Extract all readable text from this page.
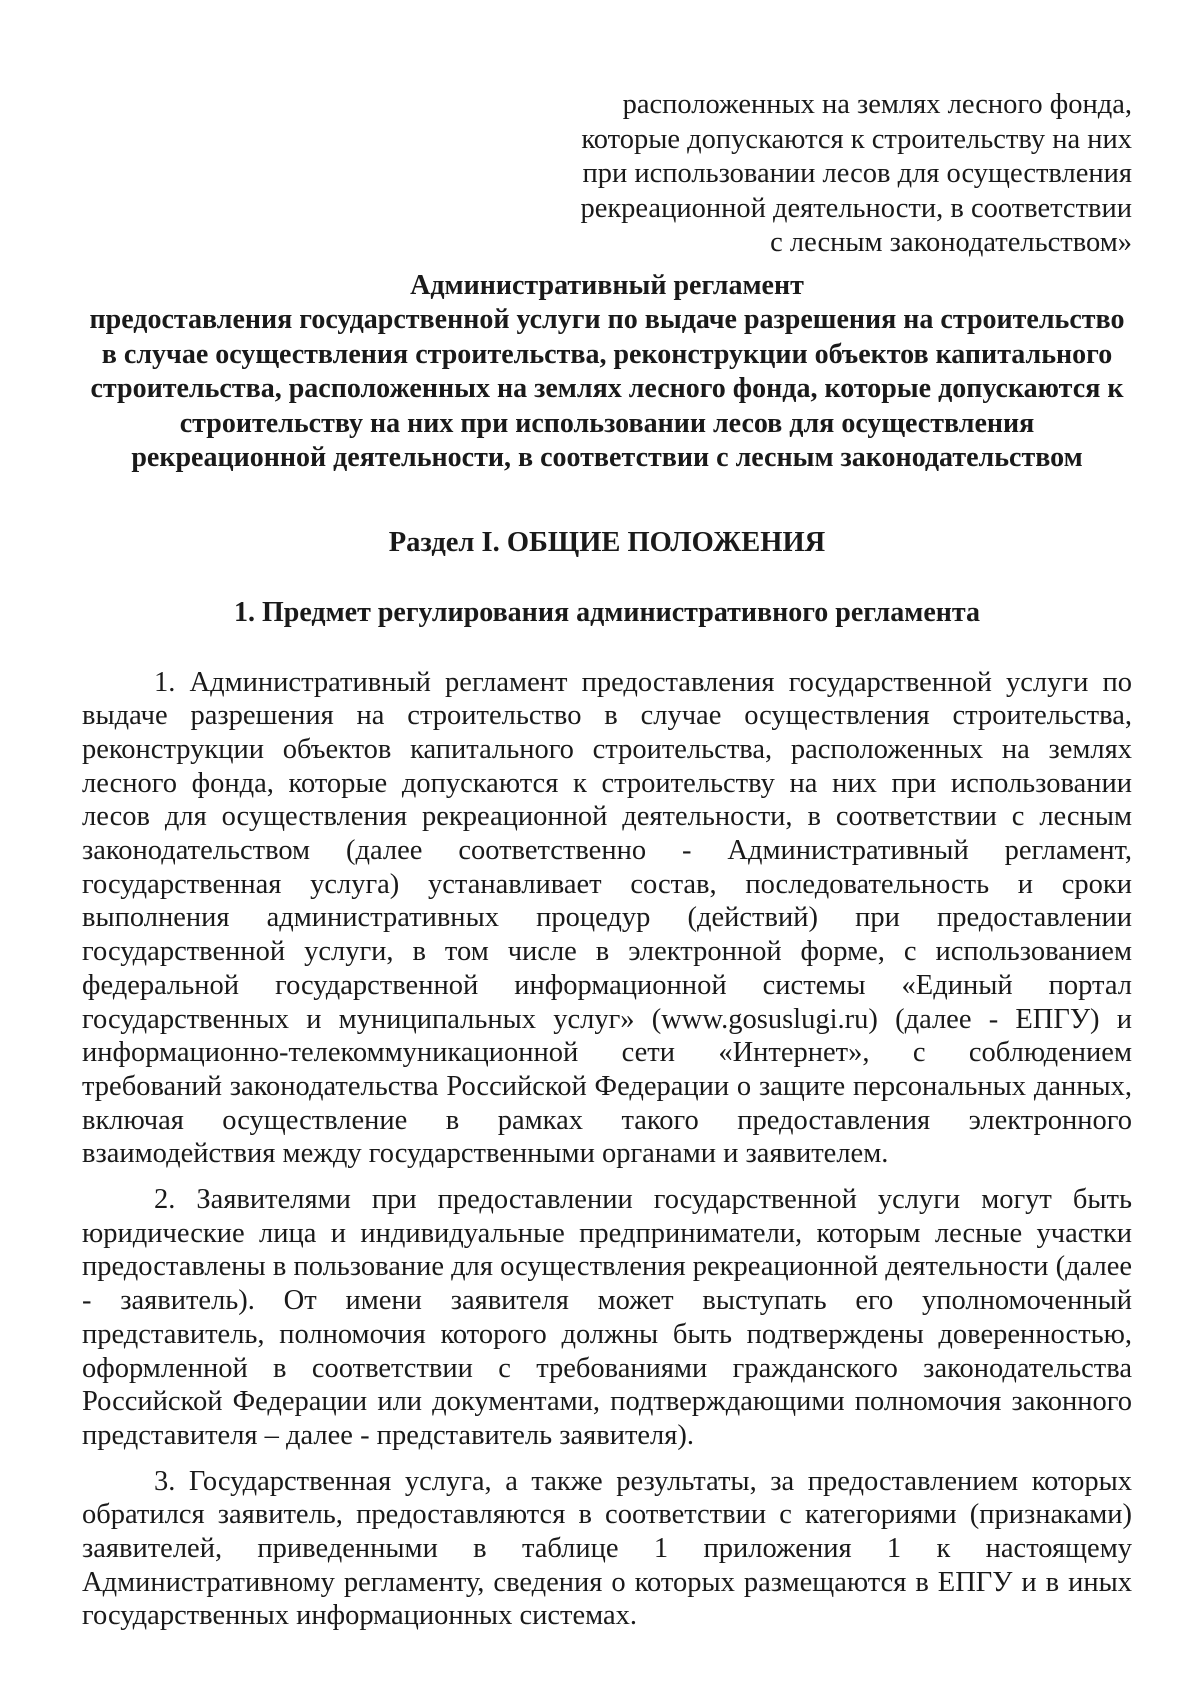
расположенных на землях лесного фонда,
которые допускаются к строительству на них
при использовании лесов для осуществления
рекреационной деятельности, в соответствии
с лесным законодательством»
Административный регламент
предоставления государственной услуги по выдаче разрешения на строительство
в случае осуществления строительства, реконструкции объектов капитального
строительства, расположенных на землях лесного фонда, которые допускаются к
строительству на них при использовании лесов для осуществления
рекреационной деятельности, в соответствии с лесным законодательством
Раздел I. ОБЩИЕ ПОЛОЖЕНИЯ
1. Предмет регулирования административного регламента

1. Административный регламент предоставления государственной услуги по выдаче разрешения на строительство в случае осуществления строительства, реконструкции объектов капитального строительства, расположенных на землях лесного фонда, которые допускаются к строительству на них при использовании лесов для осуществления рекреационной деятельности, в соответствии с лесным законодательством (далее соответственно - Административный регламент, государственная услуга) устанавливает состав, последовательность и сроки выполнения административных процедур (действий) при предоставлении государственной услуги, в том числе в электронной форме, с использованием федеральной государственной информационной системы «Единый портал государственных и муниципальных услуг» (www.gosuslugi.ru) (далее - ЕПГУ) и информационно-телекоммуникационной сети «Интернет», с соблюдением требований законодательства Российской Федерации о защите персональных данных, включая осуществление в рамках такого предоставления электронного взаимодействия между государственными органами и заявителем.

2. Заявителями при предоставлении государственной услуги могут быть юридические лица и индивидуальные предприниматели, которым лесные участки предоставлены в пользование для осуществления рекреационной деятельности (далее - заявитель). От имени заявителя может выступать его уполномоченный представитель, полномочия которого должны быть подтверждены доверенностью, оформленной в соответствии с требованиями гражданского законодательства Российской Федерации или документами, подтверждающими полномочия законного представителя – далее - представитель заявителя).

3. Государственная услуга, а также результаты, за предоставлением которых обратился заявитель, предоставляются в соответствии с категориями (признаками) заявителей, приведенными в таблице 1 приложения 1 к настоящему Административному регламенту, сведения о которых размещаются в ЕПГУ и в иных государственных информационных системах.
